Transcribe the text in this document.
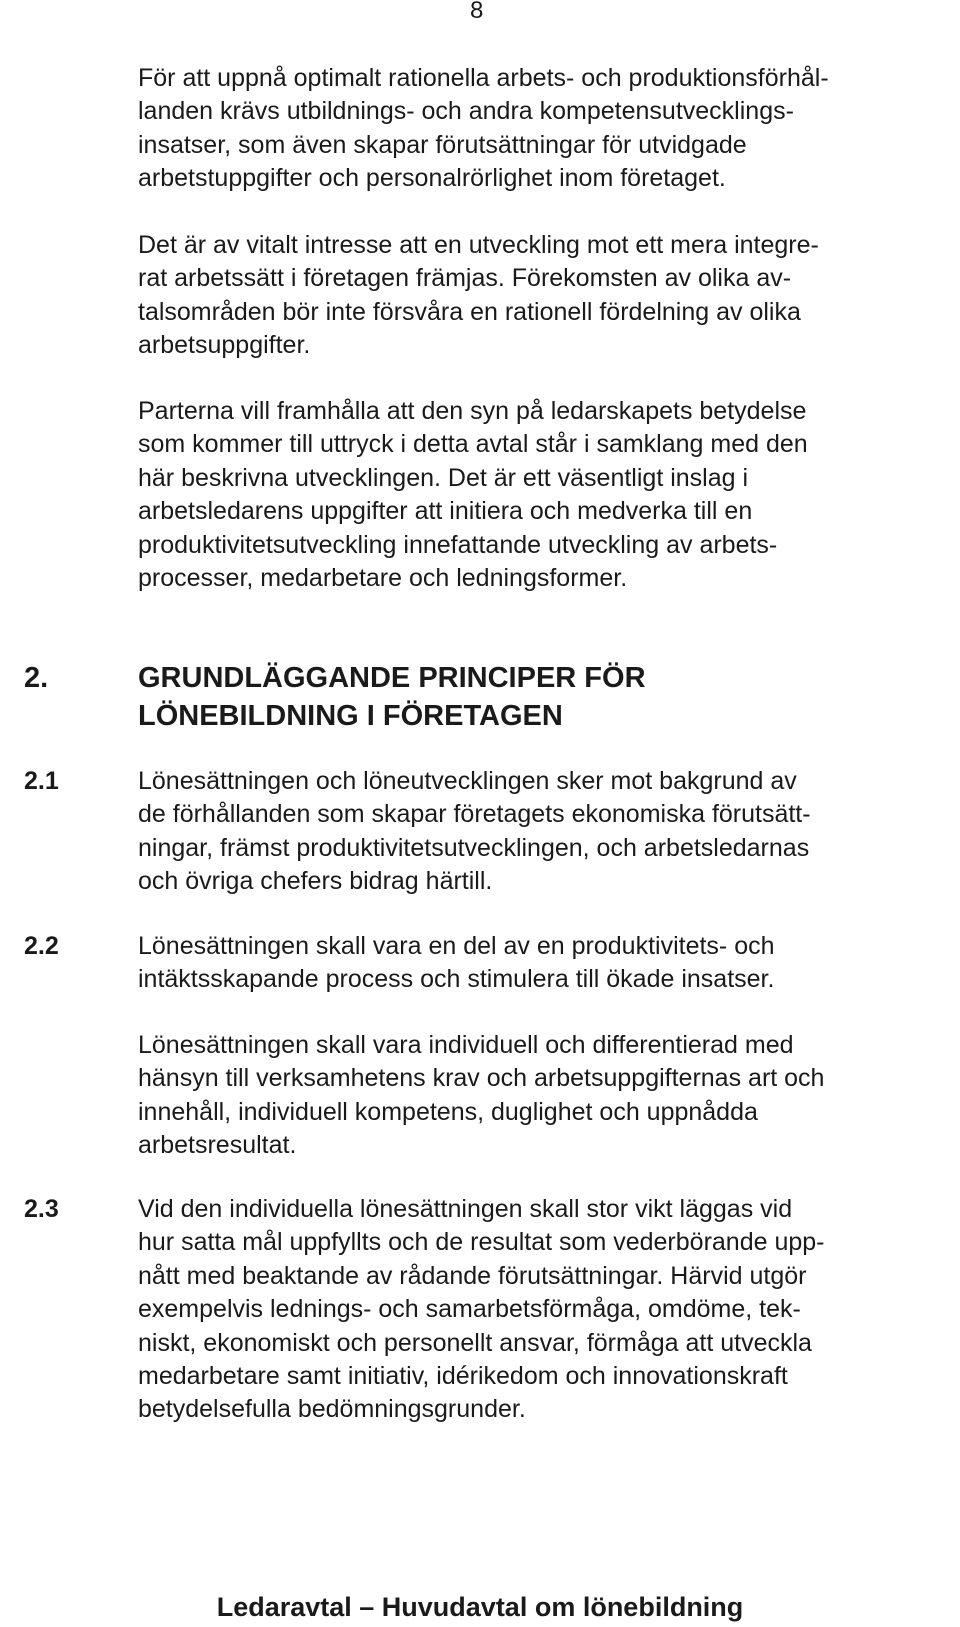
8
För att uppnå optimalt rationella arbets- och produktionsförhål-
landen krävs utbildnings- och andra kompetensutvecklings-
insatser, som även skapar förutsättningar för utvidgade
arbetstuppgifter och personalrörlighet inom företaget.
Det är av vitalt intresse att en utveckling mot ett mera integre-
rat arbetssätt i företagen främjas. Förekomsten av olika av-
talsområden bör inte försvåra en rationell fördelning av olika
arbetsuppgifter.
Parterna vill framhålla att den syn på ledarskapets betydelse
som kommer till uttryck i detta avtal står i samklang med den
här beskrivna utvecklingen. Det är ett väsentligt inslag i
arbetsledarens uppgifter att initiera och medverka till en
produktivitetsutveckling innefattande utveckling av arbets-
processer, medarbetare och ledningsformer.
2.	GRUNDLÄGGANDE PRINCIPER FÖR
LÖNEBILDNING I FÖRETAGEN
2.1	Lönesättningen och löneutvecklingen sker mot bakgrund av
de förhållanden som skapar företagets ekonomiska förutsätt-
ningar, främst produktivitetsutvecklingen, och arbetsledarnas
och övriga chefers bidrag härtill.
2.2	Lönesättningen skall vara en del av en produktivitets- och
intäktsskapande process och stimulera till ökade insatser.
Lönesättningen skall vara individuell och differentierad med
hänsyn till verksamhetens krav och arbetsuppgifternas art och
innehåll, individuell kompetens, duglighet och uppnådda
arbetsresultat.
2.3	Vid den individuella lönesättningen skall stor vikt läggas vid
hur satta mål uppfyllts och de resultat som vederbörande upp-
nått med beaktande av rådande förutsättningar. Härvid utgör
exempelvis lednings- och samarbetsförmåga, omdöme, tek-
niskt, ekonomiskt och personellt ansvar, förmåga att utveckla
medarbetare samt initiativ, idérikedom och innovationskraft
betydelsefulla bedömningsgrunder.
Ledaravtal – Huvudavtal om lönebildning
